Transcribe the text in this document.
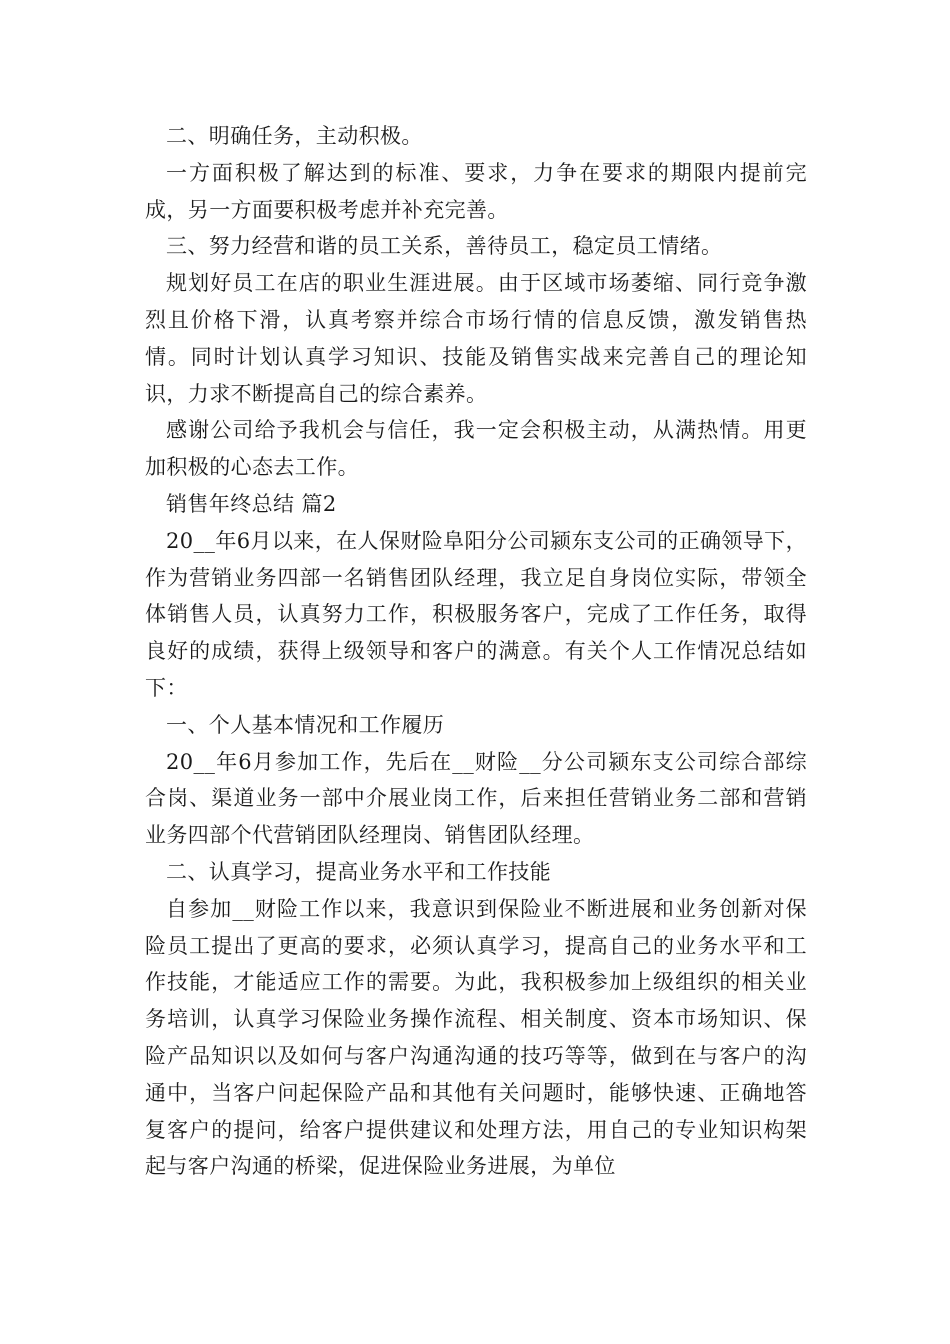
二、明确任务，主动积极。

一方面积极了解达到的标准、要求，力争在要求的期限内提前完成，另一方面要积极考虑并补充完善。

三、努力经营和谐的员工关系，善待员工，稳定员工情绪。

规划好员工在店的职业生涯进展。由于区域市场萎缩、同行竞争激烈且价格下滑，认真考察并综合市场行情的信息反馈，激发销售热情。同时计划认真学习知识、技能及销售实战来完善自己的理论知识，力求不断提高自己的综合素养。

感谢公司给予我机会与信任，我一定会积极主动，从满热情。用更加积极的心态去工作。

销售年终总结 篇2

20__年6月以来，在人保财险阜阳分公司颍东支公司的正确领导下，作为营销业务四部一名销售团队经理，我立足自身岗位实际，带领全体销售人员，认真努力工作，积极服务客户，完成了工作任务，取得良好的成绩，获得上级领导和客户的满意。有关个人工作情况总结如下：

一、个人基本情况和工作履历

20__年6月参加工作，先后在__财险__分公司颍东支公司综合部综合岗、渠道业务一部中介展业岗工作，后来担任营销业务二部和营销业务四部个代营销团队经理岗、销售团队经理。

二、认真学习，提高业务水平和工作技能

自参加__财险工作以来，我意识到保险业不断进展和业务创新对保险员工提出了更高的要求，必须认真学习，提高自己的业务水平和工作技能，才能适应工作的需要。为此，我积极参加上级组织的相关业务培训，认真学习保险业务操作流程、相关制度、资本市场知识、保险产品知识以及如何与客户沟通沟通的技巧等等，做到在与客户的沟通中，当客户问起保险产品和其他有关问题时，能够快速、正确地答复客户的提问，给客户提供建议和处理方法，用自己的专业知识构架起与客户沟通的桥梁，促进保险业务进展，为单位
